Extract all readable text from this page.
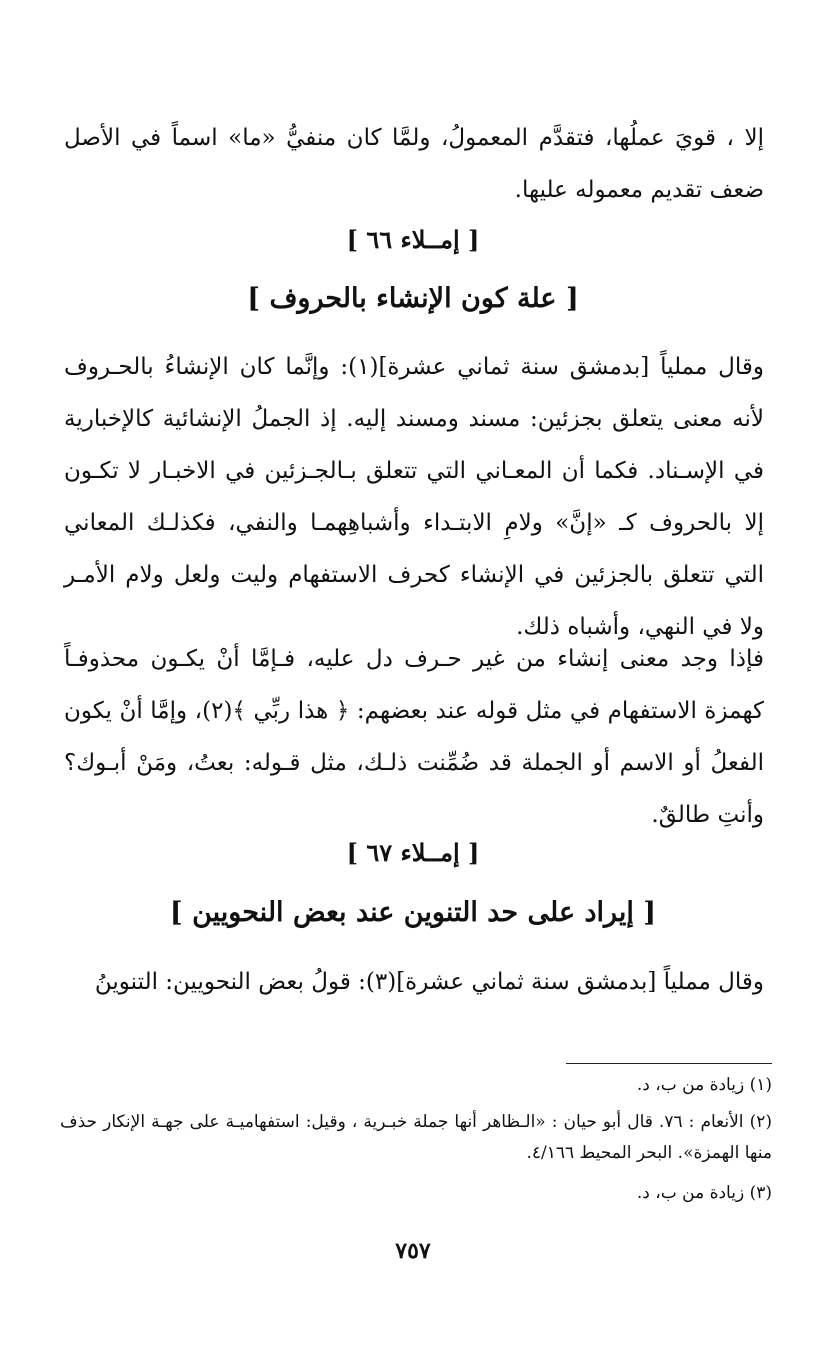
إلا ، قويَ عملُها، فتقدَّم المعمولُ، ولمَّا كان منفيُّ «ما» اسماً في الأصل ضعف تقديم معموله عليها.

[ إمــلاء ٦٦ ]
[ علة كون الإنشاء بالحروف ]

وقال مملياً [بدمشق سنة ثماني عشرة](١): وإنَّما كان الإنشاءُ بالحـروف لأنه معنى يتعلق بجزئين: مسند ومسند إليه. إذ الجملُ الإنشائية كالإخبارية في الإسـناد. فكما أن المعـاني التي تتعلق بـالجـزئين في الاخبـار لا تكـون إلا بالحروف كـ «إنَّ» ولامِ الابتـداء وأشباهِهمـا والنفي، فكذلـك المعاني التي تتعلق بالجزئين في الإنشاء كحرف الاستفهام وليت ولعل ولام الأمـر ولا في النهي، وأشباه ذلك.

فإذا وجد معنى إنشاء من غير حـرف دل عليه، فـإمَّا أنْ يكـون محذوفـاً كهمزة الاستفهام في مثل قوله عند بعضهم: ﴿ هذا ربِّي ﴾(٢)، وإمَّا أنْ يكون الفعلُ أو الاسم أو الجملة قد ضُمِّنت ذلـك، مثل قـوله: بعتُ، ومَنْ أبـوك؟ وأنتِ طالقٌ.

[ إمــلاء ٦٧ ]
[ إيراد على حد التنوين عند بعض النحويين ]

وقال مملياً [بدمشق سنة ثماني عشرة](٣): قولُ بعض النحويين: التنوينُ

(١) زيادة من ب، د.

(٢) الأنعام : ٧٦. قال أبو حيان : «الـظاهر أنها جملة خبـرية ، وقيل: استفهاميـة على جهـة الإنكار حذف منها الهمزة». البحر المحيط ٤/١٦٦.

(٣) زيادة من ب، د.

٧٥٧
